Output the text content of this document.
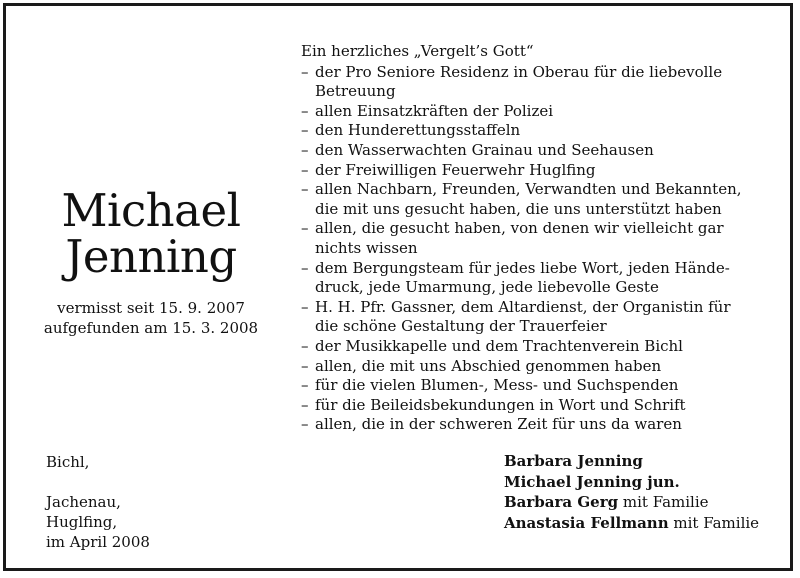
Michael
Jenning
vermisst seit 15. 9. 2007
aufgefunden am 15. 3. 2008
Bichl,
Jachenau,
Huglfing,
im April 2008
Ein herzliches „Vergelt’s Gott“
– der Pro Seniore Residenz in Oberau für die liebevolle
Betreuung
– allen Einsatzkräften der Polizei
– den Hunderettungsstaffeln
– den Wasserwachten Grainau und Seehausen
– der Freiwilligen Feuerwehr Huglfing
– allen Nachbarn, Freunden, Verwandten und Bekannten,
die mit uns gesucht haben, die uns unterstützt haben
– allen, die gesucht haben, von denen wir vielleicht gar
nichts wissen
– dem Bergungsteam für jedes liebe Wort, jeden Hände-
druck, jede Umarmung, jede liebevolle Geste
– H. H. Pfr. Gassner, dem Altardienst, der Organistin für
die schöne Gestaltung der Trauerfeier
– der Musikkapelle und dem Trachtenverein Bichl
– allen, die mit uns Abschied genommen haben
– für die vielen Blumen-, Mess- und Suchspenden
– für die Beileidsbekundungen in Wort und Schrift
– allen, die in der schweren Zeit für uns da waren
Barbara Jenning
Michael Jenning jun.
Barbara Gerg mit Familie
Anastasia Fellmann mit Familie
